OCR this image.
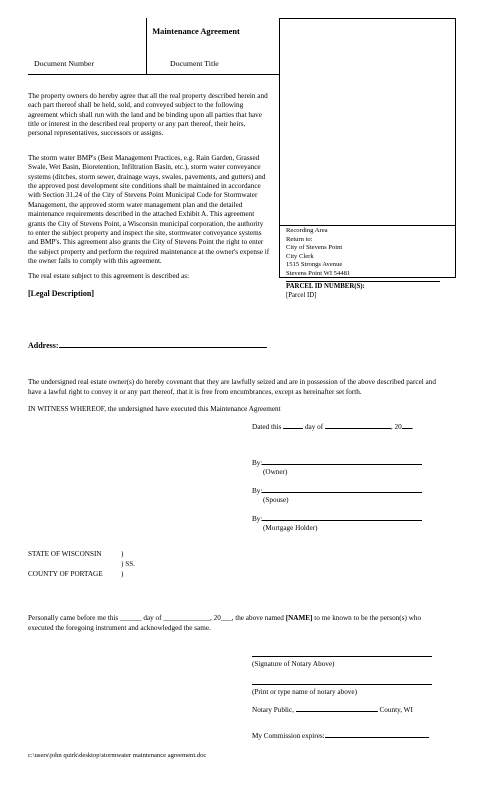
Maintenance Agreement
Document Number	Document Title
Recording Area
Return to:
City of Stevens Point
City Clerk
1515 Strongs Avenue
Stevens Point WI 54481
PARCEL ID NUMBER(S):
[Parcel ID]
The property owners do hereby agree that all the real property described herein and each part thereof shall be held, sold, and conveyed subject to the following agreement which shall run with the land and be binding upon all parties that have title or interest in the described real property or any part thereof, their heirs, personal representatives, successors or assigns.
The storm water BMP's (Best Management Practices, e.g. Rain Garden, Grassed Swale, Wet Basin, Bioretention, Infiltration Basin, etc.), storm water conveyance systems (ditches, storm sewer, drainage ways, swales, pavements, and gutters) and the approved post development site conditions shall be maintained in accordance with Section 31.24 of the City of Stevens Point Municipal Code for Stormwater Management, the approved storm water management plan and the detailed maintenance requirements described in the attached Exhibit A. This agreement grants the City of Stevens Point, a Wisconsin municipal corporation, the authority to enter the subject property and inspect the site, stormwater conveyance systems and BMP's. This agreement also grants the City of Stevens Point the right to enter the subject property and perform the required maintenance at the owner's expense if the owner fails to comply with this agreement.
The real estate subject to this agreement is described as:
[Legal Description]
Address:
The undersigned real estate owner(s) do hereby covenant that they are lawfully seized and are in possession of the above described parcel and have a lawful right to convey it or any part thereof, that it is free from encumbrances, except as hereinafter set forth.
IN WITNESS WHEREOF, the undersigned have executed this Maintenance Agreement
Dated this	day of	, 20 .
By:
(Owner)
By:
(Spouse)
By:
(Mortgage Holder)
STATE OF WISCONSIN	)
) SS.
COUNTY OF PORTAGE	)
Personally came before me this ______ day of _____________, 20___, the above named [NAME] to me known to be the person(s) who executed the foregoing instrument and acknowledged the same.
(Signature of Notary Above)
(Print or type name of notary above)
Notary Public,	County, WI
My Commission expires:
c:\users\john quirk\desktop\stormwater maintenance agreement.doc
